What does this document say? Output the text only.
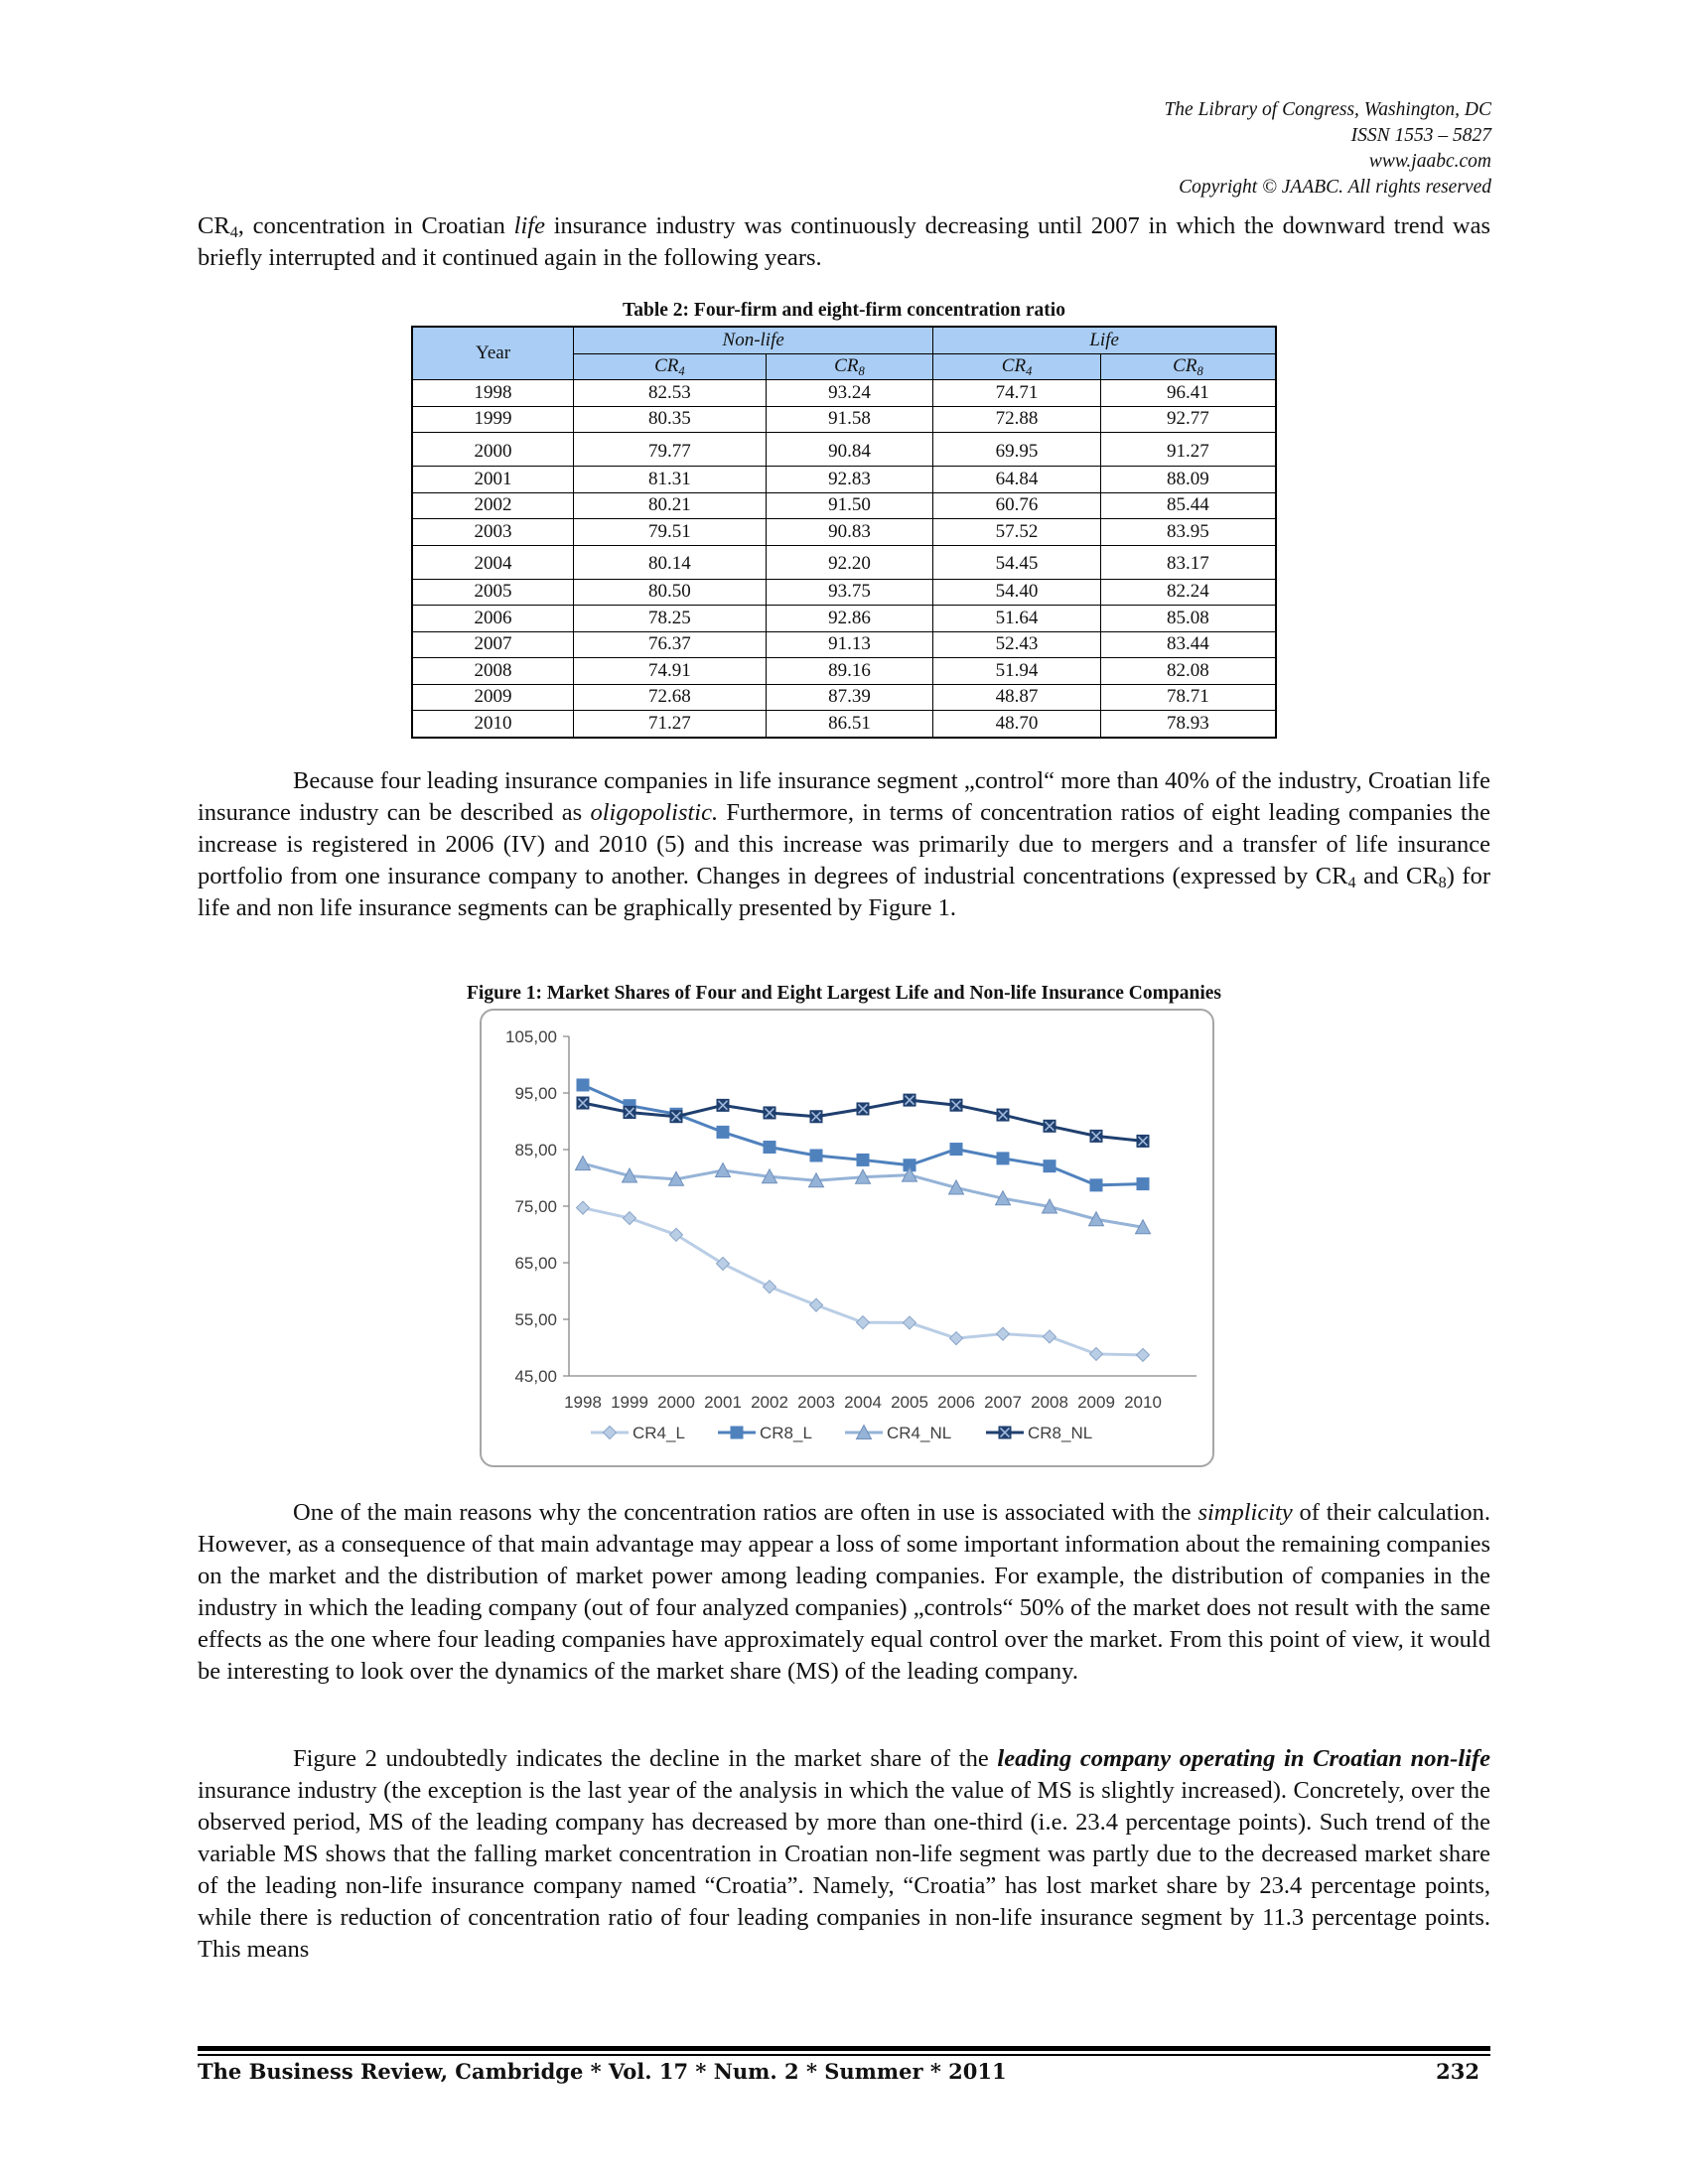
The Library of Congress, Washington, DC
ISSN 1553 – 5827
www.jaabc.com
Copyright © JAABC. All rights reserved
$CR_4$, concentration in Croatian life insurance industry was continuously decreasing until 2007 in which the downward trend was briefly interrupted and it continued again in the following years.
Table 2: Four-firm and eight-firm concentration ratio
Year	Non-life		Life	
	$CR_4$	$CR_8$	$CR_4$	$CR_8$
1998	82.53	93.24	74.71	96.41
1999	80.35	91.58	72.88	92.77
2000	79.77	90.84	69.95	91.27
2001	81.31	92.83	64.84	88.09
2002	80.21	91.50	60.76	85.44
2003	79.51	90.83	57.52	83.95
2004	80.14	92.20	54.45	83.17
2005	80.50	93.75	54.40	82.24
2006	78.25	92.86	51.64	85.08
2007	76.37	91.13	52.43	83.44
2008	74.91	89.16	51.94	82.08
2009	72.68	87.39	48.87	78.71
2010	71.27	86.51	48.70	78.93
Because four leading insurance companies in life insurance segment „control“ more than 40% of the industry, Croatian life insurance industry can be described as oligopolistic. Furthermore, in terms of concentration ratios of eight leading companies the increase is registered in 2006 (IV) and 2010 (5) and this increase was primarily due to mergers and a transfer of life insurance portfolio from one insurance company to another. Changes in degrees of industrial concentrations (expressed by $CR_4$ and $CR_8$) for life and non life insurance segments can be graphically presented by Figure 1.
Figure 1: Market Shares of Four and Eight Largest Life and Non-life Insurance Companies
45,00
55,00
65,00
75,00
85,00
95,00
105,00
1998 1999 2000 2001 2002 2003 2004 2005 2006 2007 2008 2009 2010
CR4_L	CR8_L	CR4_NL	CR8_NL
One of the main reasons why the concentration ratios are often in use is associated with the simplicity of their calculation. However, as a consequence of that main advantage may appear a loss of some important information about the remaining companies on the market and the distribution of market power among leading companies. For example, the distribution of companies in the industry in which the leading company (out of four analyzed companies) „controls“ 50% of the market does not result with the same effects as the one where four leading companies have approximately equal control over the market. From this point of view, it would be interesting to look over the dynamics of the market share (MS) of the leading company.
Figure 2 undoubtedly indicates the decline in the market share of the leading company operating in Croatian non-life insurance industry (the exception is the last year of the analysis in which the value of MS is slightly increased). Concretely, over the observed period, MS of the leading company has decreased by more than one-third (i.e. 23.4 percentage points). Such trend of the variable MS shows that the falling market concentration in Croatian non-life segment was partly due to the decreased market share of the leading non-life insurance company named “Croatia”. Namely, “Croatia” has lost market share by 23.4 percentage points, while there is reduction of concentration ratio of four leading companies in non-life insurance segment by 11.3 percentage points. This means
The Business Review, Cambridge * Vol. 17 * Num. 2 * Summer * 2011	232
